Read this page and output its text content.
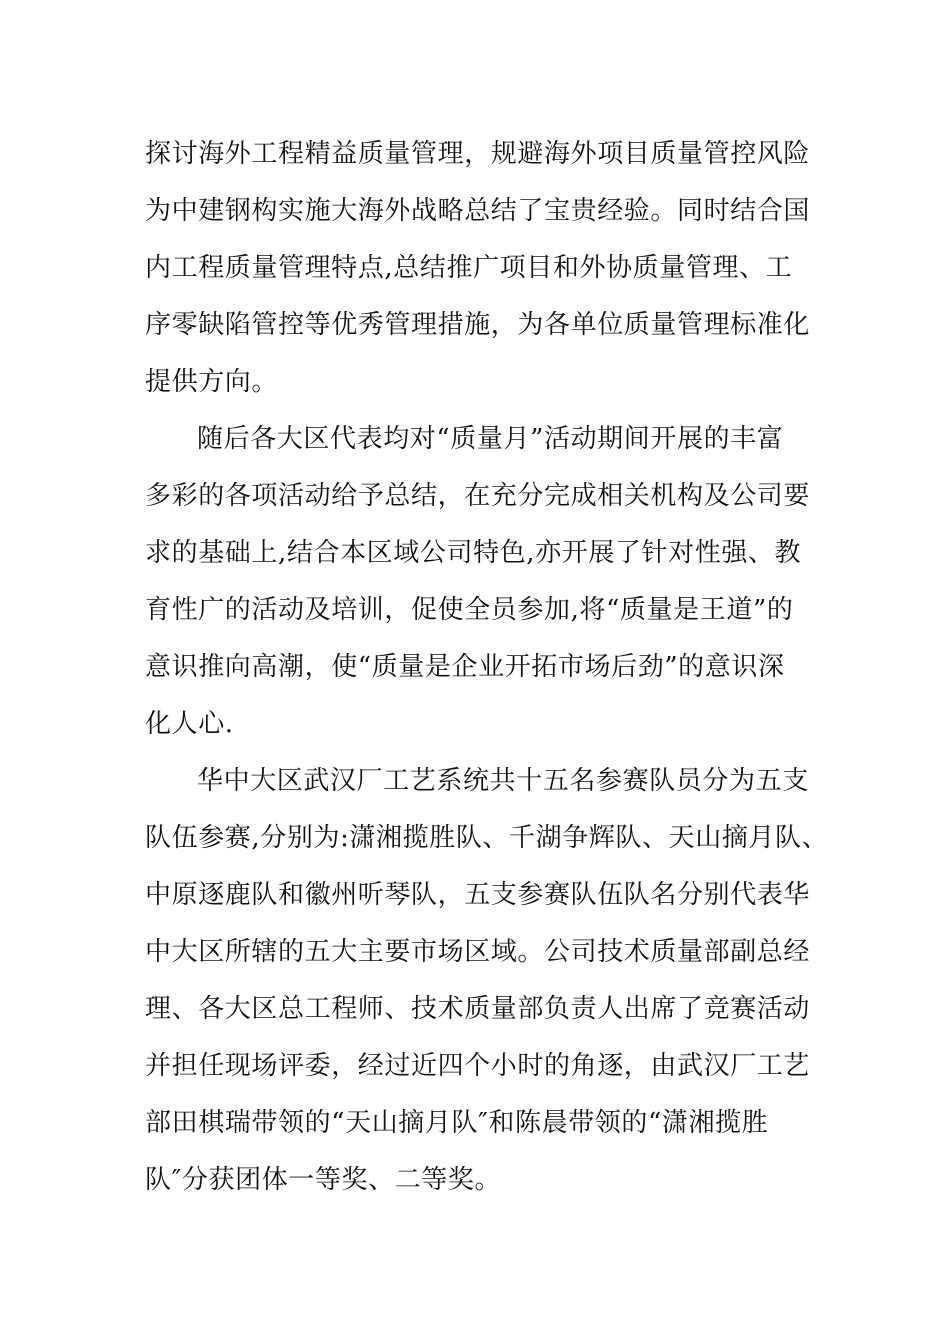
探讨海外工程精益质量管理，规避海外项目质量管控风险
为中建钢构实施大海外战略总结了宝贵经验。同时结合国
内工程质量管理特点,总结推广项目和外协质量管理、工
序零缺陷管控等优秀管理措施，为各单位质量管理标准化
提供方向。
随后各大区代表均对“质量月”活动期间开展的丰富
多彩的各项活动给予总结，在充分完成相关机构及公司要
求的基础上,结合本区域公司特色,亦开展了针对性强、教
育性广的活动及培训，促使全员参加,将“质量是王道”的
意识推向高潮，使“质量是企业开拓市场后劲”的意识深
化人心.
华中大区武汉厂工艺系统共十五名参赛队员分为五支
队伍参赛,分别为:潇湘揽胜队、千湖争辉队、天山摘月队、
中原逐鹿队和徽州听琴队，五支参赛队伍队名分别代表华
中大区所辖的五大主要市场区域。公司技术质量部副总经
理、各大区总工程师、技术质量部负责人出席了竞赛活动
并担任现场评委，经过近四个小时的角逐，由武汉厂工艺
部田棋瑞带领的“天山摘月队″和陈晨带领的“潇湘揽胜
队″分获团体一等奖、二等奖。
